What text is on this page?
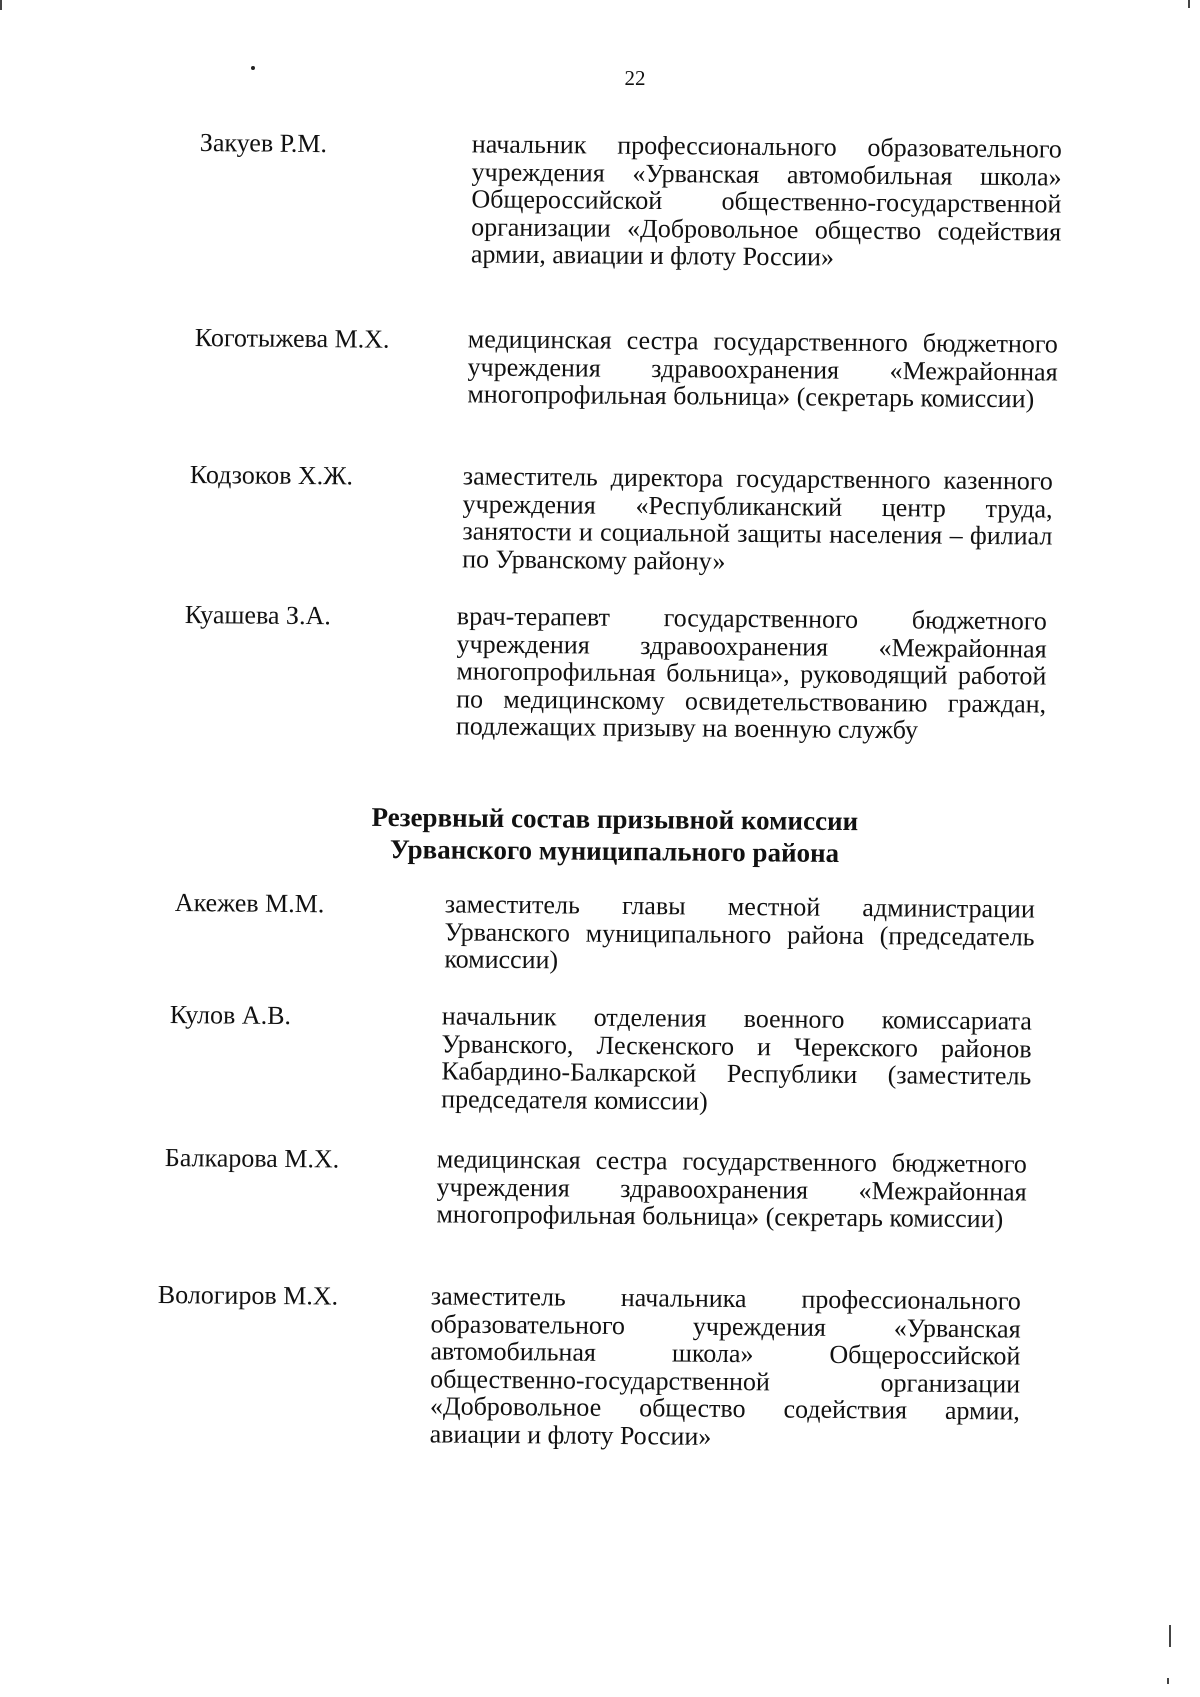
22
Закуев Р.М.	начальник профессионального образовательного учреждения «Урванская автомобильная школа» Общероссийской общественно-государственной организации «Добровольное общество содействия армии, авиации и флоту России»
Коготыжева М.Х.	медицинская сестра государственного бюджетного учреждения здравоохранения «Межрайонная многопрофильная больница» (секретарь комиссии)
Кодзоков Х.Ж.	заместитель директора государственного казенного учреждения «Республиканский центр труда, занятости и социальной защиты населения – филиал по Урванскому району»
Куашева З.А.	врач-терапевт государственного бюджетного учреждения здравоохранения «Межрайонная многопрофильная больница», руководящий работой по медицинскому освидетельствованию граждан, подлежащих призыву на военную службу
Резервный состав призывной комиссии
Урванского муниципального района
Акежев М.М.	заместитель главы местной администрации Урванского муниципального района (председатель комиссии)
Кулов А.В.	начальник отделения военного комиссариата Урванского, Лескенского и Черекского районов Кабардино-Балкарской Республики (заместитель председателя комиссии)
Балкарова М.Х.	медицинская сестра государственного бюджетного учреждения здравоохранения «Межрайонная многопрофильная больница» (секретарь комиссии)
Вологиров М.Х.	заместитель начальника профессионального образовательного учреждения «Урванская автомобильная школа» Общероссийской общественно-государственной организации «Добровольное общество содействия армии, авиации и флоту России»
